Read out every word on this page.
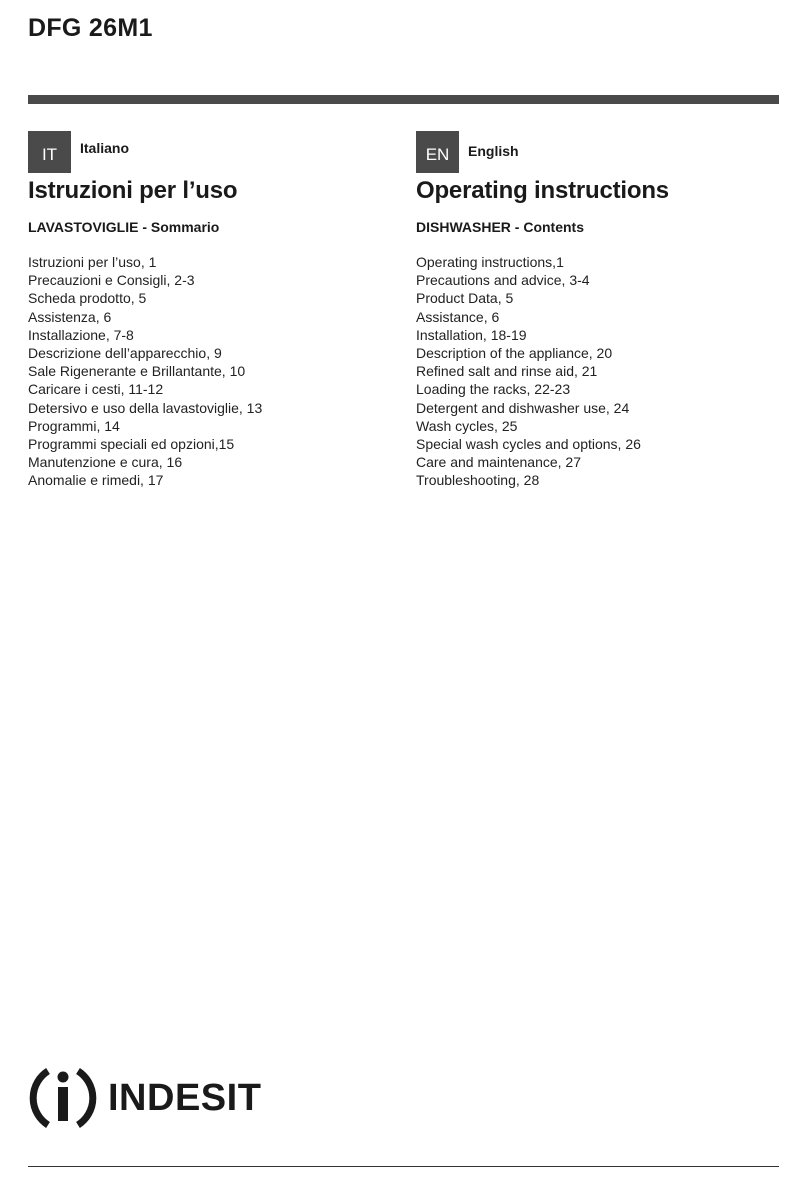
DFG 26M1
IT	Italiano
Istruzioni per l’uso
LAVASTOVIGLIE - Sommario
Istruzioni per l’uso, 1
Precauzioni e Consigli, 2-3
Scheda prodotto, 5
Assistenza, 6
Installazione, 7-8
Descrizione dell’apparecchio, 9
Sale Rigenerante e Brillantante, 10
Caricare i cesti, 11-12
Detersivo e uso della lavastoviglie, 13
Programmi, 14
Programmi speciali ed opzioni,15
Manutenzione e cura, 16
Anomalie e rimedi, 17
EN	English
Operating instructions
DISHWASHER - Contents
Operating instructions,1
Precautions and advice, 3-4
Product Data, 5
Assistance, 6
Installation, 18-19
Description of the appliance, 20
Refined salt and rinse aid, 21
Loading the racks, 22-23
Detergent and dishwasher use, 24
Wash cycles, 25
Special wash cycles and options, 26
Care and maintenance, 27
Troubleshooting, 28
INDESIT
